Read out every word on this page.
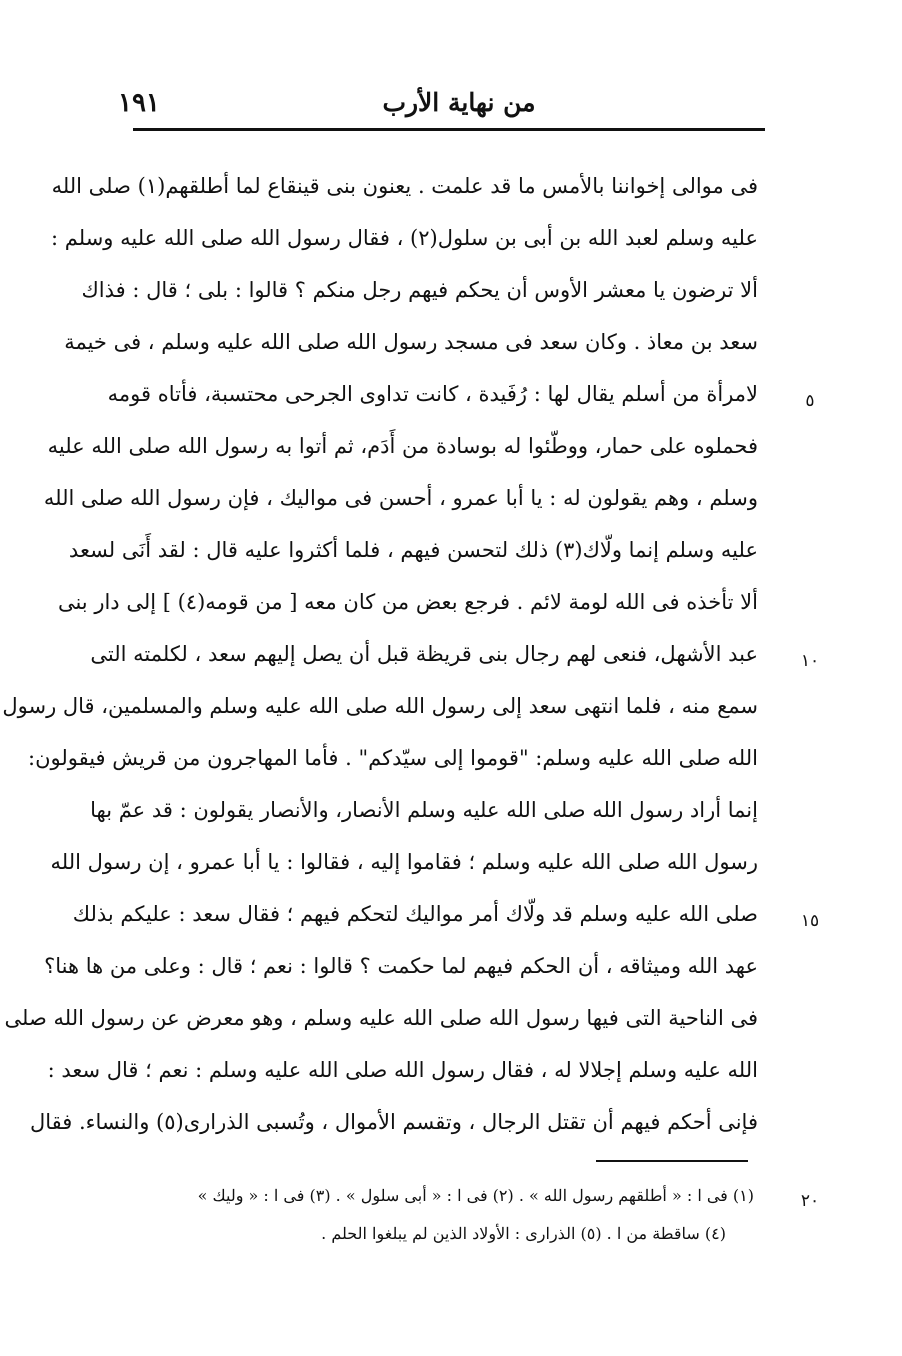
١٩١	من نهاية الأرب
فى موالى إخواننا بالأمس ما قد علمت . يعنون بنى قينقاع لما أطلقهم(١) صلى الله
عليه وسلم لعبد الله بن أبى بن سلول(٢) ، فقال رسول الله صلى الله عليه وسلم :
ألا ترضون يا معشر الأوس أن يحكم فيهم رجل منكم ؟ قالوا : بلى ؛ قال : فذاك
سعد بن معاذ . وكان سعد فى مسجد رسول الله صلى الله عليه وسلم ، فى خيمة
لامرأة من أسلم يقال لها : رُفَيدة ، كانت تداوى الجرحى محتسبة، فأتاه قومه
فحملوه على حمار، ووطّئوا له بوسادة من أَدَم، ثم أتوا به رسول الله صلى الله عليه
وسلم ، وهم يقولون له : يا أبا عمرو ، أحسن فى مواليك ، فإن رسول الله صلى الله
عليه وسلم إنما ولّاك(٣) ذلك لتحسن فيهم ، فلما أكثروا عليه قال : لقد أَنَى لسعد
ألا تأخذه فى الله لومة لائم . فرجع بعض من كان معه [ من قومه(٤) ] إلى دار بنى
عبد الأشهل، فنعى لهم رجال بنى قريظة قبل أن يصل إليهم سعد ، لكلمته التى
سمع منه ، فلما انتهى سعد إلى رسول الله صلى الله عليه وسلم والمسلمين، قال رسول
الله صلى الله عليه وسلم: "قوموا إلى سيّدكم" . فأما المهاجرون من قريش فيقولون:
إنما أراد رسول الله صلى الله عليه وسلم الأنصار، والأنصار يقولون : قد عمّ بها
رسول الله صلى الله عليه وسلم ؛ فقاموا إليه ، فقالوا : يا أبا عمرو ، إن رسول الله
صلى الله عليه وسلم قد ولّاك أمر مواليك لتحكم فيهم ؛ فقال سعد : عليكم بذلك
عهد الله وميثاقه ، أن الحكم فيهم لما حكمت ؟ قالوا : نعم ؛ قال : وعلى من ها هنا؟
فى الناحية التى فيها رسول الله صلى الله عليه وسلم ، وهو معرض عن رسول الله صلى
الله عليه وسلم إجلالا له ، فقال رسول الله صلى الله عليه وسلم : نعم ؛ قال سعد :
فإنى أحكم فيهم أن تقتل الرجال ، وتقسم الأموال ، وتُسبى الذرارى(٥) والنساء. فقال
٥
١٠
١٥
٢٠
(١) فى ا : « أطلقهم رسول الله » . (٢) فى ا : « أبى سلول » . (٣) فى ا : « وليك »
(٤) ساقطة من ا . (٥) الذرارى : الأولاد الذين لم يبلغوا الحلم .
